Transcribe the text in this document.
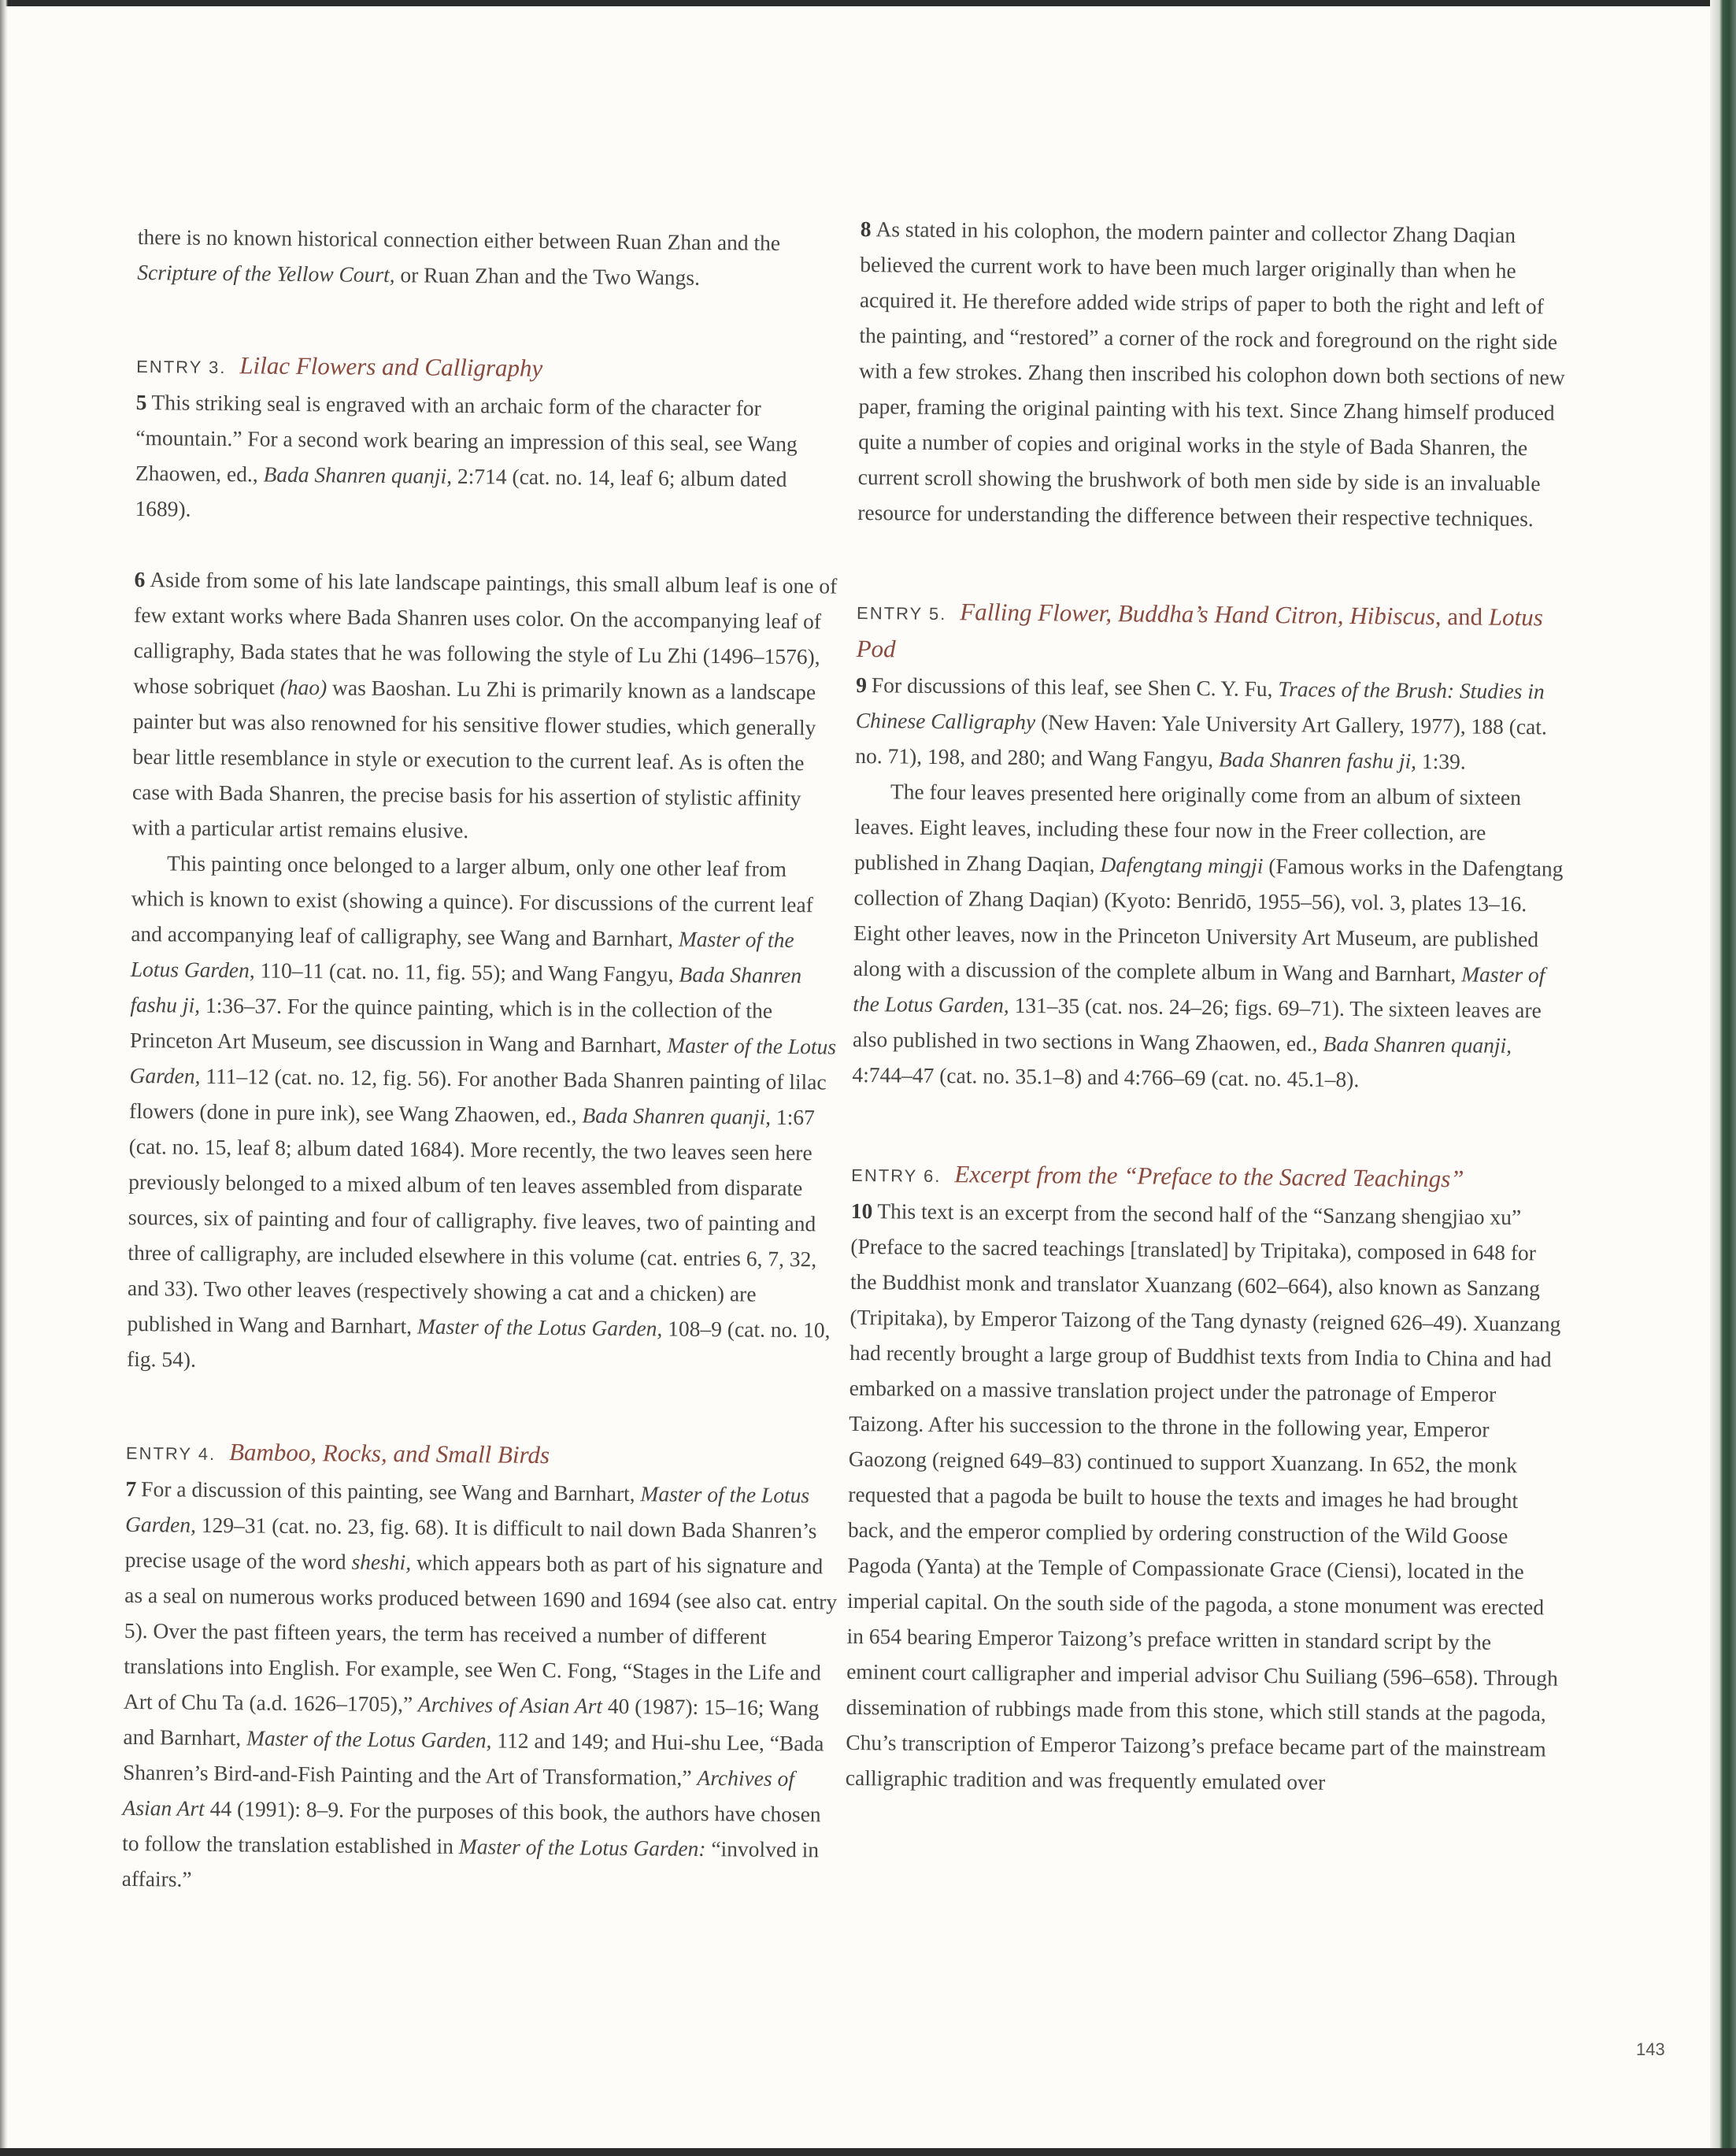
there is no known historical connection either between Ruan Zhan and the Scripture of the Yellow Court, or Ruan Zhan and the Two Wangs.

ENTRY 3. Lilac Flowers and Calligraphy

5 This striking seal is engraved with an archaic form of the character for “mountain.” For a second work bearing an impression of this seal, see Wang Zhaowen, ed., Bada Shanren quanji, 2:714 (cat. no. 14, leaf 6; album dated 1689).

6 Aside from some of his late landscape paintings, this small album leaf is one of few extant works where Bada Shanren uses color. On the accompanying leaf of calligraphy, Bada states that he was following the style of Lu Zhi (1496–1576), whose sobriquet (hao) was Baoshan. Lu Zhi is primarily known as a landscape painter but was also renowned for his sensitive flower studies, which generally bear little resemblance in style or execution to the current leaf. As is often the case with Bada Shanren, the precise basis for his assertion of stylistic affinity with a particular artist remains elusive.

This painting once belonged to a larger album, only one other leaf from which is known to exist (showing a quince). For discussions of the current leaf and accompanying leaf of calligraphy, see Wang and Barnhart, Master of the Lotus Garden, 110–11 (cat. no. 11, fig. 55); and Wang Fangyu, Bada Shanren fashu ji, 1:36–37. For the quince painting, which is in the collection of the Princeton Art Museum, see discussion in Wang and Barnhart, Master of the Lotus Garden, 111–12 (cat. no. 12, fig. 56). For another Bada Shanren painting of lilac flowers (done in pure ink), see Wang Zhaowen, ed., Bada Shanren quanji, 1:67 (cat. no. 15, leaf 8; album dated 1684). More recently, the two leaves seen here previously belonged to a mixed album of ten leaves assembled from disparate sources, six of painting and four of calligraphy. five leaves, two of painting and three of calligraphy, are included elsewhere in this volume (cat. entries 6, 7, 32, and 33). Two other leaves (respectively showing a cat and a chicken) are published in Wang and Barnhart, Master of the Lotus Garden, 108–9 (cat. no. 10, fig. 54).

ENTRY 4. Bamboo, Rocks, and Small Birds

7 For a discussion of this painting, see Wang and Barnhart, Master of the Lotus Garden, 129–31 (cat. no. 23, fig. 68). It is difficult to nail down Bada Shanren’s precise usage of the word sheshi, which appears both as part of his signature and as a seal on numerous works produced between 1690 and 1694 (see also cat. entry 5). Over the past fifteen years, the term has received a number of different translations into English. For example, see Wen C. Fong, “Stages in the Life and Art of Chu Ta (a.d. 1626–1705),” Archives of Asian Art 40 (1987): 15–16; Wang and Barnhart, Master of the Lotus Garden, 112 and 149; and Hui-shu Lee, “Bada Shanren’s Bird-and-Fish Painting and the Art of Transformation,” Archives of Asian Art 44 (1991): 8–9. For the purposes of this book, the authors have chosen to follow the translation established in Master of the Lotus Garden: “involved in affairs.”

8 As stated in his colophon, the modern painter and collector Zhang Daqian believed the current work to have been much larger originally than when he acquired it. He therefore added wide strips of paper to both the right and left of the painting, and “restored” a corner of the rock and foreground on the right side with a few strokes. Zhang then inscribed his colophon down both sections of new paper, framing the original painting with his text. Since Zhang himself produced quite a number of copies and original works in the style of Bada Shanren, the current scroll showing the brushwork of both men side by side is an invaluable resource for understanding the difference between their respective techniques.

ENTRY 5. Falling Flower, Buddha’s Hand Citron, Hibiscus, and Lotus Pod

9 For discussions of this leaf, see Shen C. Y. Fu, Traces of the Brush: Studies in Chinese Calligraphy (New Haven: Yale University Art Gallery, 1977), 188 (cat. no. 71), 198, and 280; and Wang Fangyu, Bada Shanren fashu ji, 1:39.

The four leaves presented here originally come from an album of sixteen leaves. Eight leaves, including these four now in the Freer collection, are published in Zhang Daqian, Dafengtang mingji (Famous works in the Dafengtang collection of Zhang Daqian) (Kyoto: Benridō, 1955–56), vol. 3, plates 13–16. Eight other leaves, now in the Princeton University Art Museum, are published along with a discussion of the complete album in Wang and Barnhart, Master of the Lotus Garden, 131–35 (cat. nos. 24–26; figs. 69–71). The sixteen leaves are also published in two sections in Wang Zhaowen, ed., Bada Shanren quanji, 4:744–47 (cat. no. 35.1–8) and 4:766–69 (cat. no. 45.1–8).

ENTRY 6. Excerpt from the “Preface to the Sacred Teachings”

10 This text is an excerpt from the second half of the “Sanzang shengjiao xu” (Preface to the sacred teachings [translated] by Tripitaka), composed in 648 for the Buddhist monk and translator Xuanzang (602–664), also known as Sanzang (Tripitaka), by Emperor Taizong of the Tang dynasty (reigned 626–49). Xuanzang had recently brought a large group of Buddhist texts from India to China and had embarked on a massive translation project under the patronage of Emperor Taizong. After his succession to the throne in the following year, Emperor Gaozong (reigned 649–83) continued to support Xuanzang. In 652, the monk requested that a pagoda be built to house the texts and images he had brought back, and the emperor complied by ordering construction of the Wild Goose Pagoda (Yanta) at the Temple of Compassionate Grace (Ciensi), located in the imperial capital. On the south side of the pagoda, a stone monument was erected in 654 bearing Emperor Taizong’s preface written in standard script by the eminent court calligrapher and imperial advisor Chu Suiliang (596–658). Through dissemination of rubbings made from this stone, which still stands at the pagoda, Chu’s transcription of Emperor Taizong’s preface became part of the mainstream calligraphic tradition and was frequently emulated over

143
